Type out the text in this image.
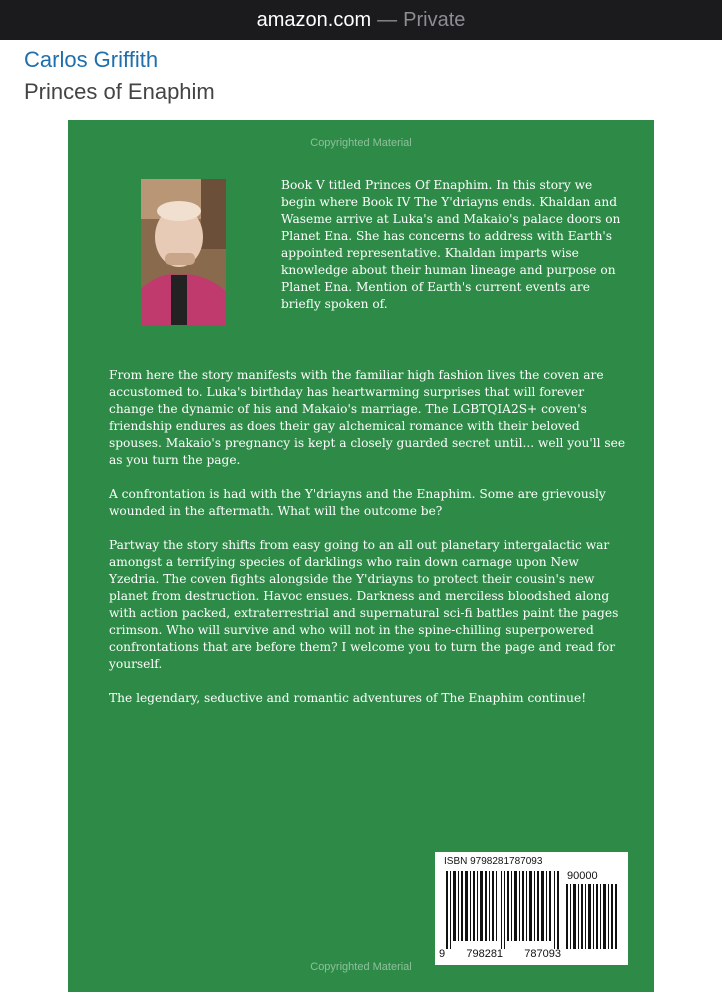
amazon.com — Private
Carlos Griffith
Princes of Enaphim
Copyrighted Material

Book V titled Princes Of Enaphim. In this story we begin where Book IV The Y'driayns ends. Khaldan and Waseme arrive at Luka's and Makaio's palace doors on Planet Ena. She has concerns to address with Earth's appointed representative. Khaldan imparts wise knowledge about their human lineage and purpose on Planet Ena. Mention of Earth's current events are briefly spoken of.

From here the story manifests with the familiar high fashion lives the coven are accustomed to. Luka's birthday has heartwarming surprises that will forever change the dynamic of his and Makaio's marriage. The LGBTQIA2S+ coven's friendship endures as does their gay alchemical romance with their beloved spouses. Makaio's pregnancy is kept a closely guarded secret until... well you'll see as you turn the page.

A confrontation is had with the Y'driayns and the Enaphim. Some are grievously wounded in the aftermath. What will the outcome be?

Partway the story shifts from easy going to an all out planetary intergalactic war amongst a terrifying species of darklings who rain down carnage upon New Yzedria. The coven fights alongside the Y'driayns to protect their cousin's new planet from destruction. Havoc ensues. Darkness and merciless bloodshed along with action packed, extraterrestrial and supernatural sci-fi battles paint the pages crimson. Who will survive and who will not in the spine-chilling superpowered confrontations that are before them? I welcome you to turn the page and read for yourself.

The legendary, seductive and romantic adventures of The Enaphim continue!

ISBN 9798281787093
90000
9 798281 787093
Copyrighted Material
